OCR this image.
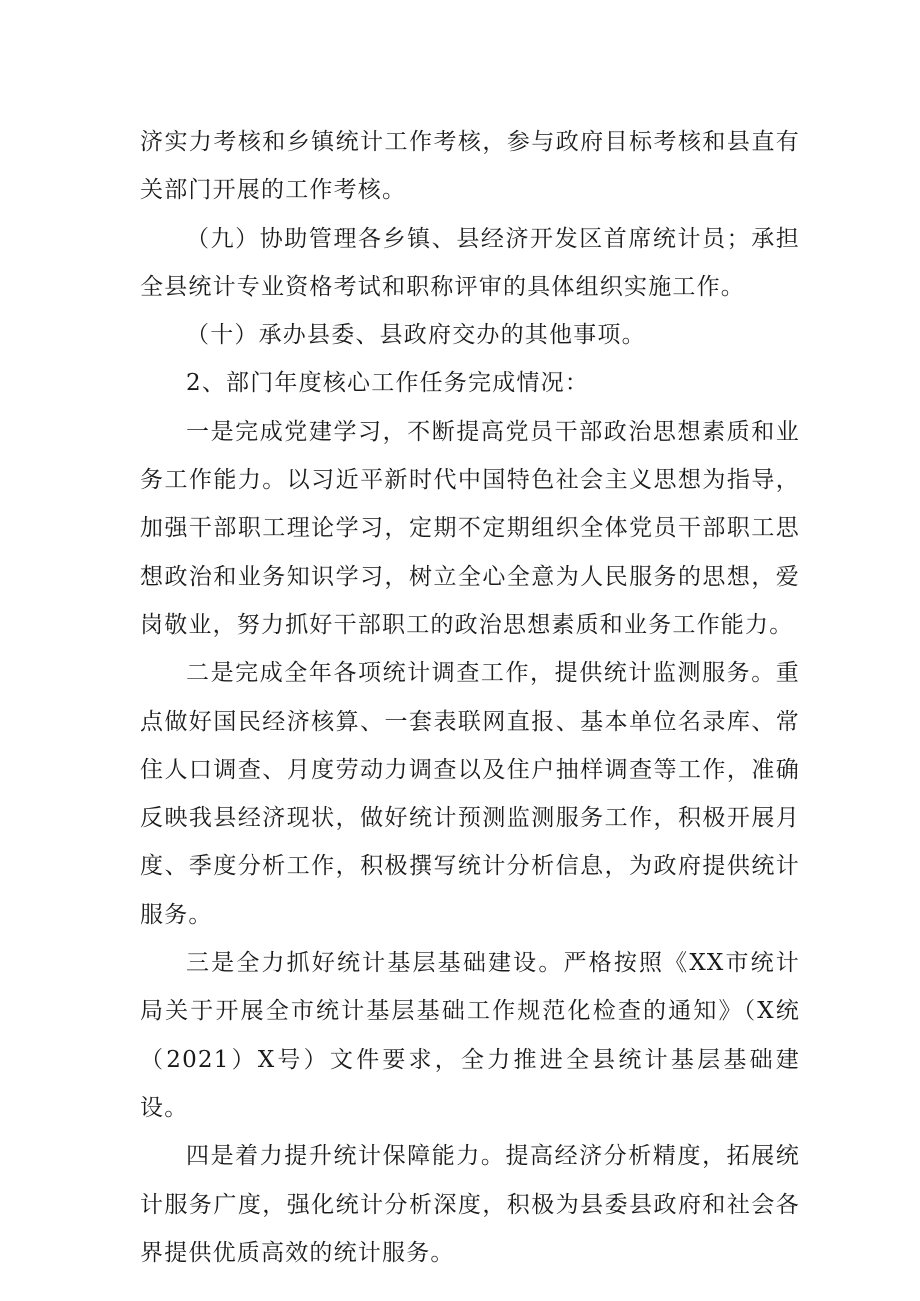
济实力考核和乡镇统计工作考核，参与政府目标考核和县直有关部门开展的工作考核。

（九）协助管理各乡镇、县经济开发区首席统计员；承担全县统计专业资格考试和职称评审的具体组织实施工作。

（十）承办县委、县政府交办的其他事项。

2、部门年度核心工作任务完成情况：

一是完成党建学习，不断提高党员干部政治思想素质和业务工作能力。以习近平新时代中国特色社会主义思想为指导，加强干部职工理论学习，定期不定期组织全体党员干部职工思想政治和业务知识学习，树立全心全意为人民服务的思想，爱岗敬业，努力抓好干部职工的政治思想素质和业务工作能力。

二是完成全年各项统计调查工作，提供统计监测服务。重点做好国民经济核算、一套表联网直报、基本单位名录库、常住人口调查、月度劳动力调查以及住户抽样调查等工作，准确反映我县经济现状，做好统计预测监测服务工作，积极开展月度、季度分析工作，积极撰写统计分析信息，为政府提供统计服务。

三是全力抓好统计基层基础建设。严格按照《XX市统计局关于开展全市统计基层基础工作规范化检查的通知》（X统（2021）X号）文件要求，全力推进全县统计基层基础建设。

四是着力提升统计保障能力。提高经济分析精度，拓展统计服务广度，强化统计分析深度，积极为县委县政府和社会各界提供优质高效的统计服务。
